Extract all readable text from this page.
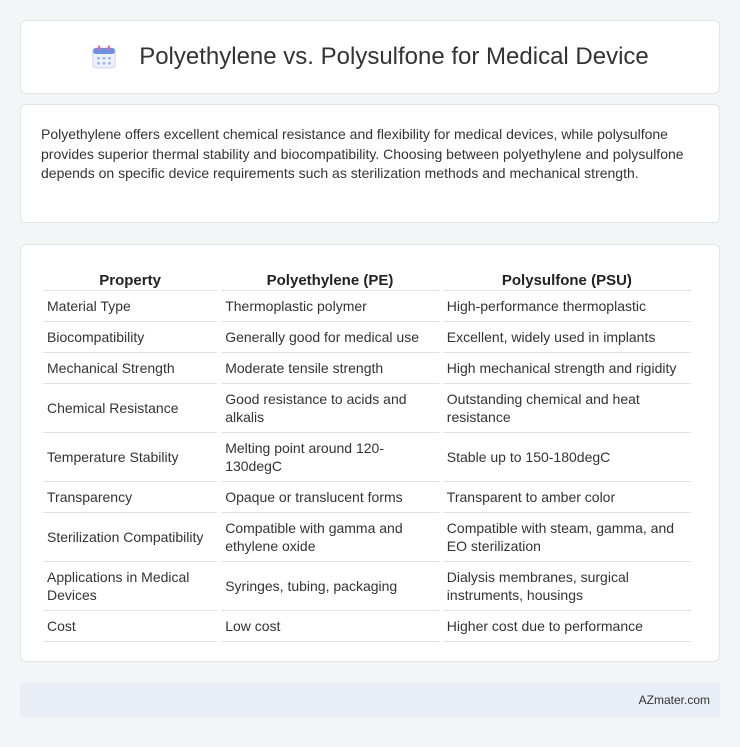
Polyethylene vs. Polysulfone for Medical Device

Polyethylene offers excellent chemical resistance and flexibility for medical devices, while polysulfone provides superior thermal stability and biocompatibility. Choosing between polyethylene and polysulfone depends on specific device requirements such as sterilization methods and mechanical strength.

Property	Polyethylene (PE)	Polysulfone (PSU)
Material Type	Thermoplastic polymer	High-performance thermoplastic
Biocompatibility	Generally good for medical use	Excellent, widely used in implants
Mechanical Strength	Moderate tensile strength	High mechanical strength and rigidity
Chemical Resistance	Good resistance to acids and alkalis	Outstanding chemical and heat resistance
Temperature Stability	Melting point around 120-130degC	Stable up to 150-180degC
Transparency	Opaque or translucent forms	Transparent to amber color
Sterilization Compatibility	Compatible with gamma and ethylene oxide	Compatible with steam, gamma, and EO sterilization
Applications in Medical Devices	Syringes, tubing, packaging	Dialysis membranes, surgical instruments, housings
Cost	Low cost	Higher cost due to performance
AZmater.com
